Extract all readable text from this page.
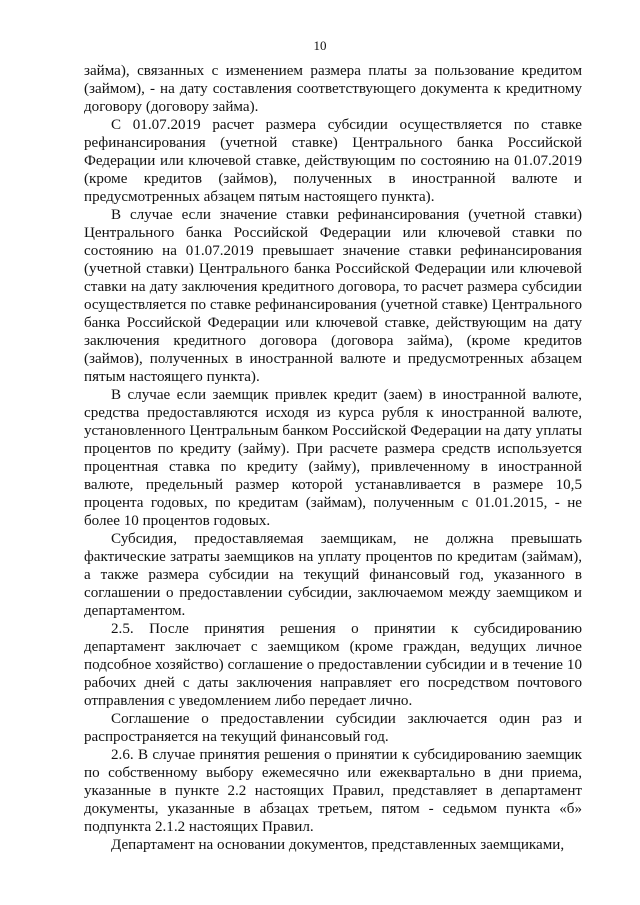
10

займа), связанных с изменением размера платы за пользование кредитом (займом), - на дату составления соответствующего документа к кредитному договору (договору займа).

С 01.07.2019 расчет размера субсидии осуществляется по ставке рефинансирования (учетной ставке) Центрального банка Российской Федерации или ключевой ставке, действующим по состоянию на 01.07.2019 (кроме кредитов (займов), полученных в иностранной валюте и предусмотренных абзацем пятым настоящего пункта).

В случае если значение ставки рефинансирования (учетной ставки) Центрального банка Российской Федерации или ключевой ставки по состоянию на 01.07.2019 превышает значение ставки рефинансирования (учетной ставки) Центрального банка Российской Федерации или ключевой ставки на дату заключения кредитного договора, то расчет размера субсидии осуществляется по ставке рефинансирования (учетной ставке) Центрального банка Российской Федерации или ключевой ставке, действующим на дату заключения кредитного договора (договора займа), (кроме кредитов (займов), полученных в иностранной валюте и предусмотренных абзацем пятым настоящего пункта).

В случае если заемщик привлек кредит (заем) в иностранной валюте, средства предоставляются исходя из курса рубля к иностранной валюте, установленного Центральным банком Российской Федерации на дату уплаты процентов по кредиту (займу). При расчете размера средств используется процентная ставка по кредиту (займу), привлеченному в иностранной валюте, предельный размер которой устанавливается в размере 10,5 процента годовых, по кредитам (займам), полученным с 01.01.2015, - не более 10 процентов годовых.

Субсидия, предоставляемая заемщикам, не должна превышать фактические затраты заемщиков на уплату процентов по кредитам (займам), а также размера субсидии на текущий финансовый год, указанного в соглашении о предоставлении субсидии, заключаемом между заемщиком и департаментом.

2.5. После принятия решения о принятии к субсидированию департамент заключает с заемщиком (кроме граждан, ведущих личное подсобное хозяйство) соглашение о предоставлении субсидии и в течение 10 рабочих дней с даты заключения направляет его посредством почтового отправления с уведомлением либо передает лично.

Соглашение о предоставлении субсидии заключается один раз и распространяется на текущий финансовый год.

2.6. В случае принятия решения о принятии к субсидированию заемщик по собственному выбору ежемесячно или ежеквартально в дни приема, указанные в пункте 2.2 настоящих Правил, представляет в департамент документы, указанные в абзацах третьем, пятом - седьмом пункта «б» подпункта 2.1.2 настоящих Правил.

Департамент на основании документов, представленных заемщиками,
